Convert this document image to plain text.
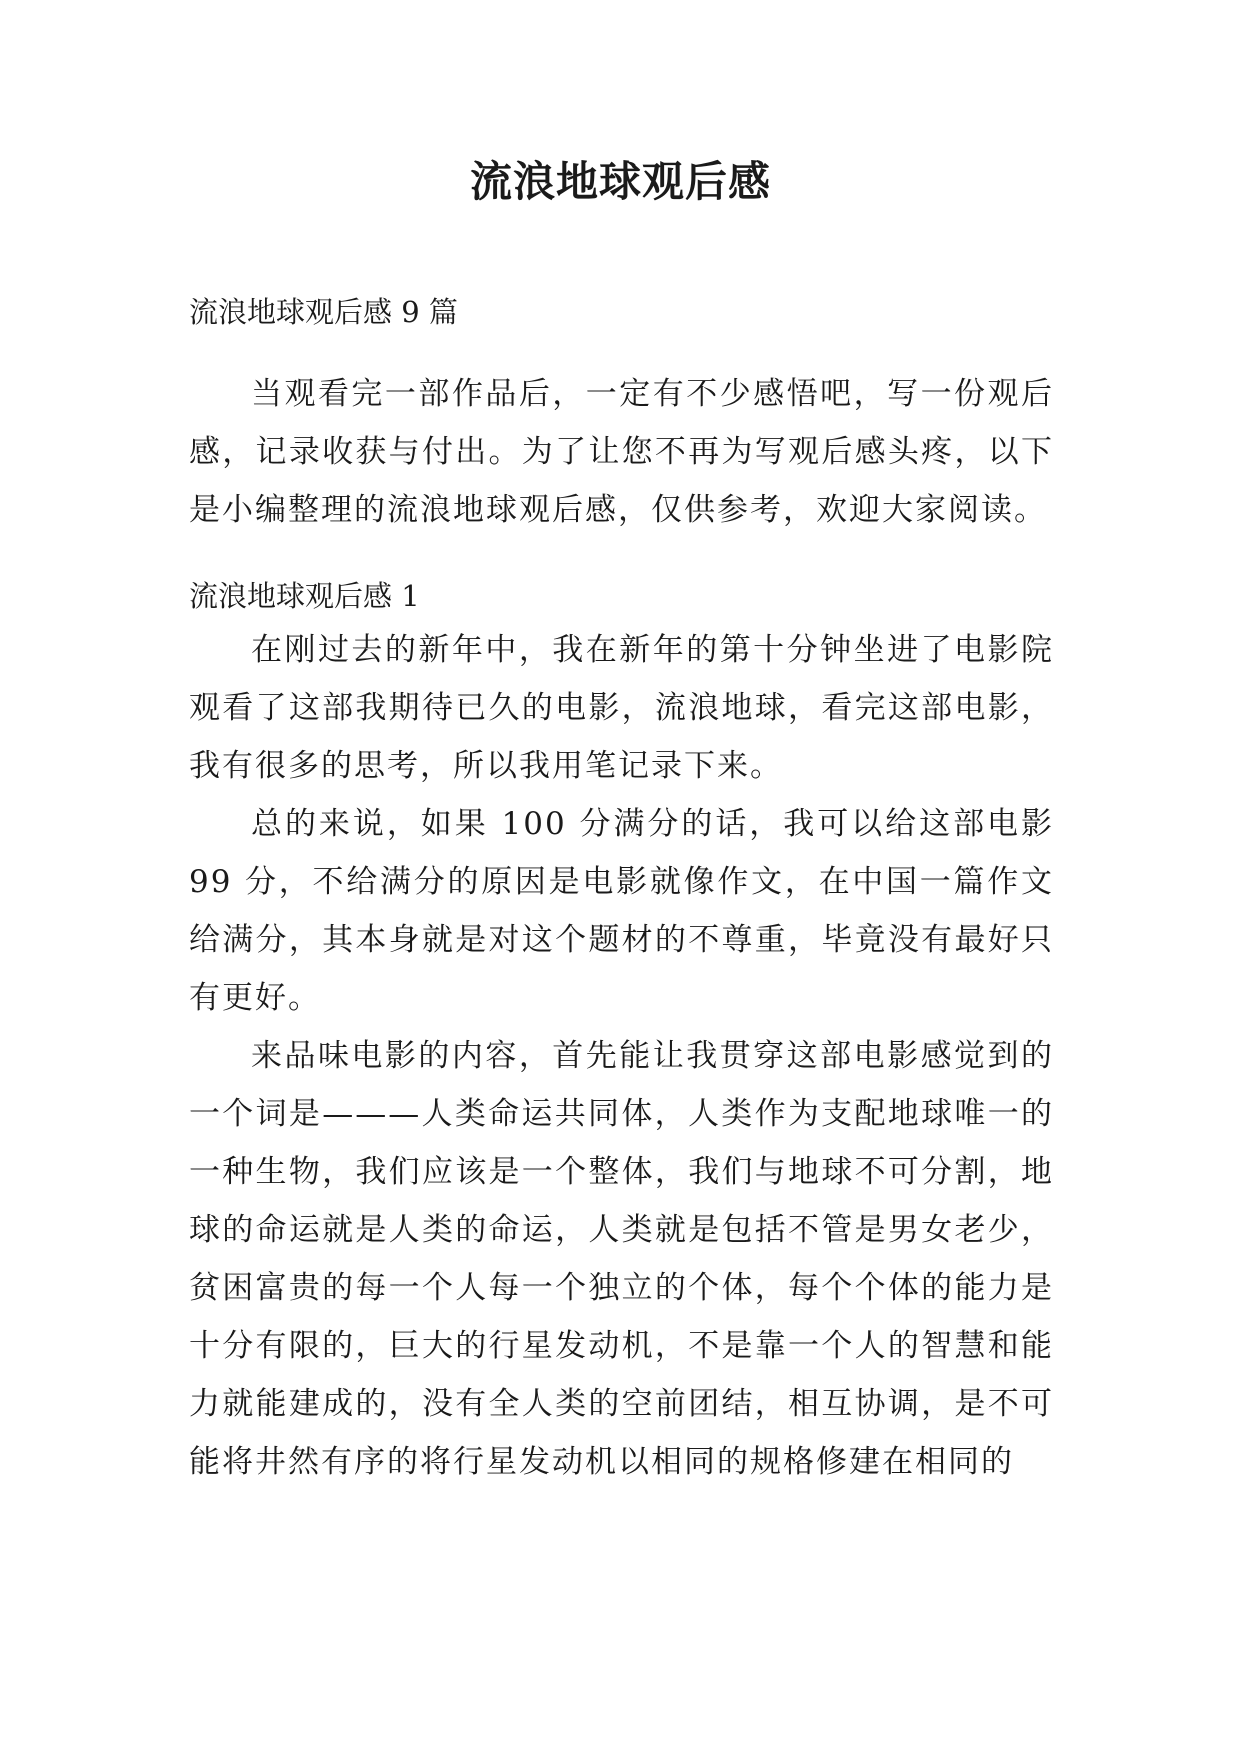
流浪地球观后感

流浪地球观后感 9 篇

当观看完一部作品后，一定有不少感悟吧，写一份观后感，记录收获与付出。为了让您不再为写观后感头疼，以下是小编整理的流浪地球观后感，仅供参考，欢迎大家阅读。

流浪地球观后感 1

在刚过去的新年中，我在新年的第十分钟坐进了电影院观看了这部我期待已久的电影，流浪地球，看完这部电影，我有很多的思考，所以我用笔记录下来。

总的来说，如果 100 分满分的话，我可以给这部电影 99 分，不给满分的原因是电影就像作文，在中国一篇作文给满分，其本身就是对这个题材的不尊重，毕竟没有最好只有更好。

来品味电影的内容，首先能让我贯穿这部电影感觉到的一个词是———人类命运共同体，人类作为支配地球唯一的一种生物，我们应该是一个整体，我们与地球不可分割，地球的命运就是人类的命运，人类就是包括不管是男女老少，贫困富贵的每一个人每一个独立的个体，每个个体的能力是十分有限的，巨大的行星发动机，不是靠一个人的智慧和能力就能建成的，没有全人类的空前团结，相互协调，是不可能将井然有序的将行星发动机以相同的规格修建在相同的
